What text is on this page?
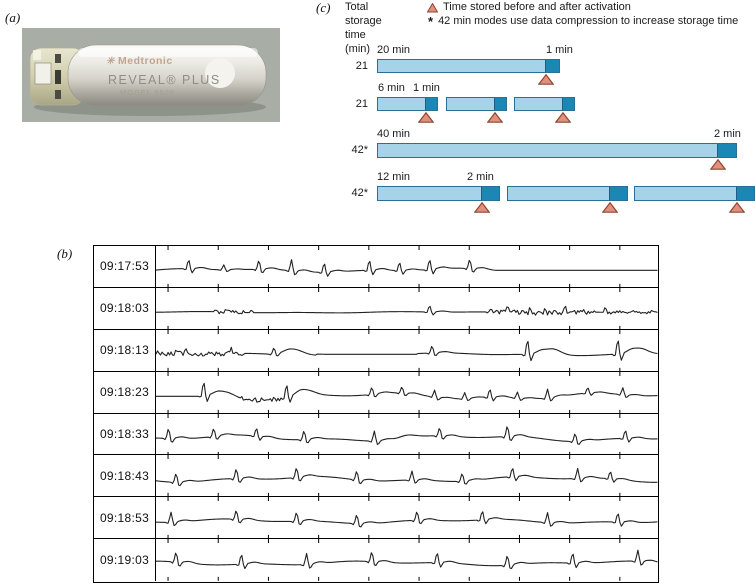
(a)
✳ Medtronic
REVEAL® PLUS
MODEL 9526
(c) Total
storage
time
(min)
Time stored before and after activation
* 42 min modes use data compression to increase storage time
21
20 min	1 min
21
6 min 1 min
42*
40 min	2 min
42*
12 min	2 min
(b)
09:17:53
09:18:03
09:18:13
09:18:23
09:18:33
09:18:43
09:18:53
09:19:03
